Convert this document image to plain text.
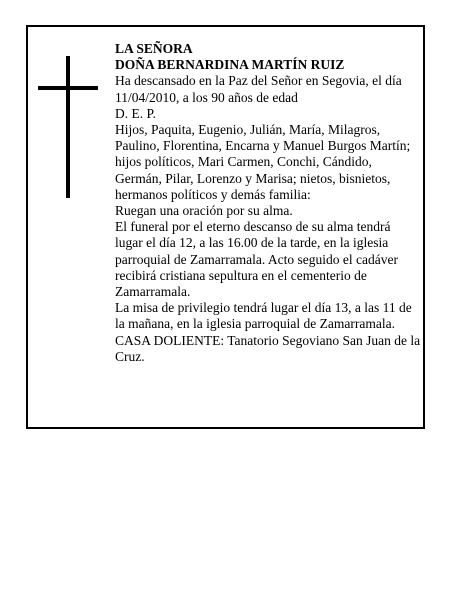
LA SEÑORA

DOÑA BERNARDINA MARTÍN RUIZ

Ha descansado en la Paz del Señor en Segovia, el día 11/04/2010, a los 90 años de edad

D. E. P.

Hijos, Paquita, Eugenio, Julián, María, Milagros, Paulino, Florentina, Encarna y Manuel Burgos Martín; hijos políticos, Mari Carmen, Conchi, Cándido, Germán, Pilar, Lorenzo y Marisa; nietos, bisnietos, hermanos políticos y demás familia:

Ruegan una oración por su alma.

El funeral por el eterno descanso de su alma tendrá lugar el día 12, a las 16.00 de la tarde, en la iglesia parroquial de Zamarramala. Acto seguido el cadáver recibirá cristiana sepultura en el cementerio de Zamarramala.

La misa de privilegio tendrá lugar el día 13, a las 11 de la mañana, en la iglesia parroquial de Zamarramala.

CASA DOLIENTE: Tanatorio Segoviano San Juan de la Cruz.
